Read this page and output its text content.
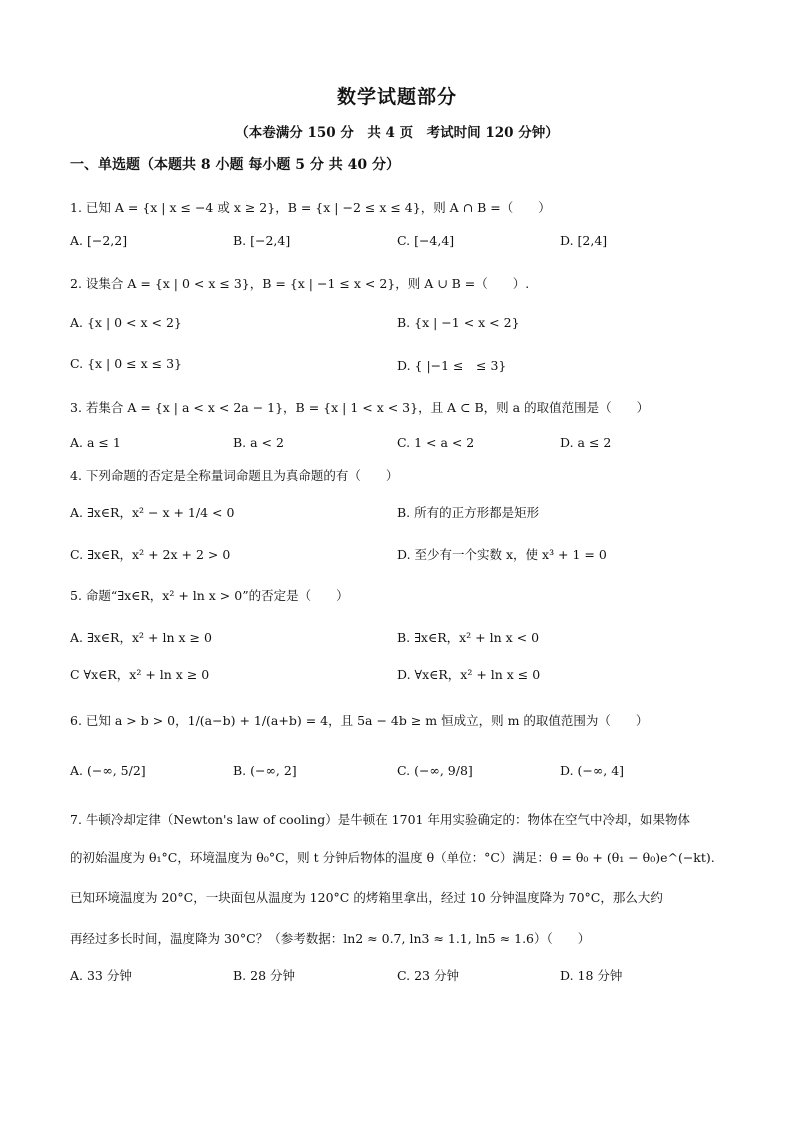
数学试题部分
（本卷满分 150 分　共 4 页　考试时间 120 分钟）
一、单选题（本题共 8 小题 每小题 5 分 共 40 分）
1. 已知 A = {x | x ≤ −4 或 x ≥ 2}，B = {x | −2 ≤ x ≤ 4}，则 A ∩ B =（　　）
A. [−2,2]	B. [−2,4]	C. [−4,4]	D. [2,4]
2. 设集合 A = {x | 0 < x ≤ 3}，B = {x | −1 ≤ x < 2}，则 A ∪ B =（　　）.
A. {x | 0 < x < 2}	B. {x | −1 < x < 2}
C. {x | 0 ≤ x ≤ 3}	D. { |−1 ≤　≤ 3}
3. 若集合 A = {x | a < x < 2a − 1}，B = {x | 1 < x < 3}，且 A ⊂ B，则 a 的取值范围是（　　）
A. a ≤ 1	B. a < 2	C. 1 < a < 2	D. a ≤ 2
4. 下列命题的否定是全称量词命题且为真命题的有（　　）
A. ∃x∈R，x² − x + 1/4 < 0	B. 所有的正方形都是矩形
C. ∃x∈R，x² + 2x + 2 > 0	D. 至少有一个实数 x，使 x³ + 1 = 0
5. 命题“∃x∈R，x² + ln x > 0”的否定是（　　）
A. ∃x∈R，x² + ln x ≥ 0	B. ∃x∈R，x² + ln x < 0
C ∀x∈R，x² + ln x ≥ 0	D. ∀x∈R，x² + ln x ≤ 0
6. 已知 a > b > 0，1/(a−b) + 1/(a+b) = 4，且 5a − 4b ≥ m 恒成立，则 m 的取值范围为（　　）
A. (−∞, 5/2]	B. (−∞, 2]	C. (−∞, 9/8]	D. (−∞, 4]
7. 牛顿冷却定律（Newton's law of cooling）是牛顿在 1701 年用实验确定的：物体在空气中冷却，如果物体
的初始温度为 θ₁°C，环境温度为 θ₀°C，则 t 分钟后物体的温度 θ（单位：°C）满足：θ = θ₀ + (θ₁ − θ₀)e^(−kt).
已知环境温度为 20°C，一块面包从温度为 120°C 的烤箱里拿出，经过 10 分钟温度降为 70°C，那么大约
再经过多长时间，温度降为 30°C？（参考数据：ln2 ≈ 0.7, ln3 ≈ 1.1, ln5 ≈ 1.6）（　　）
A. 33 分钟	B. 28 分钟	C. 23 分钟	D. 18 分钟
